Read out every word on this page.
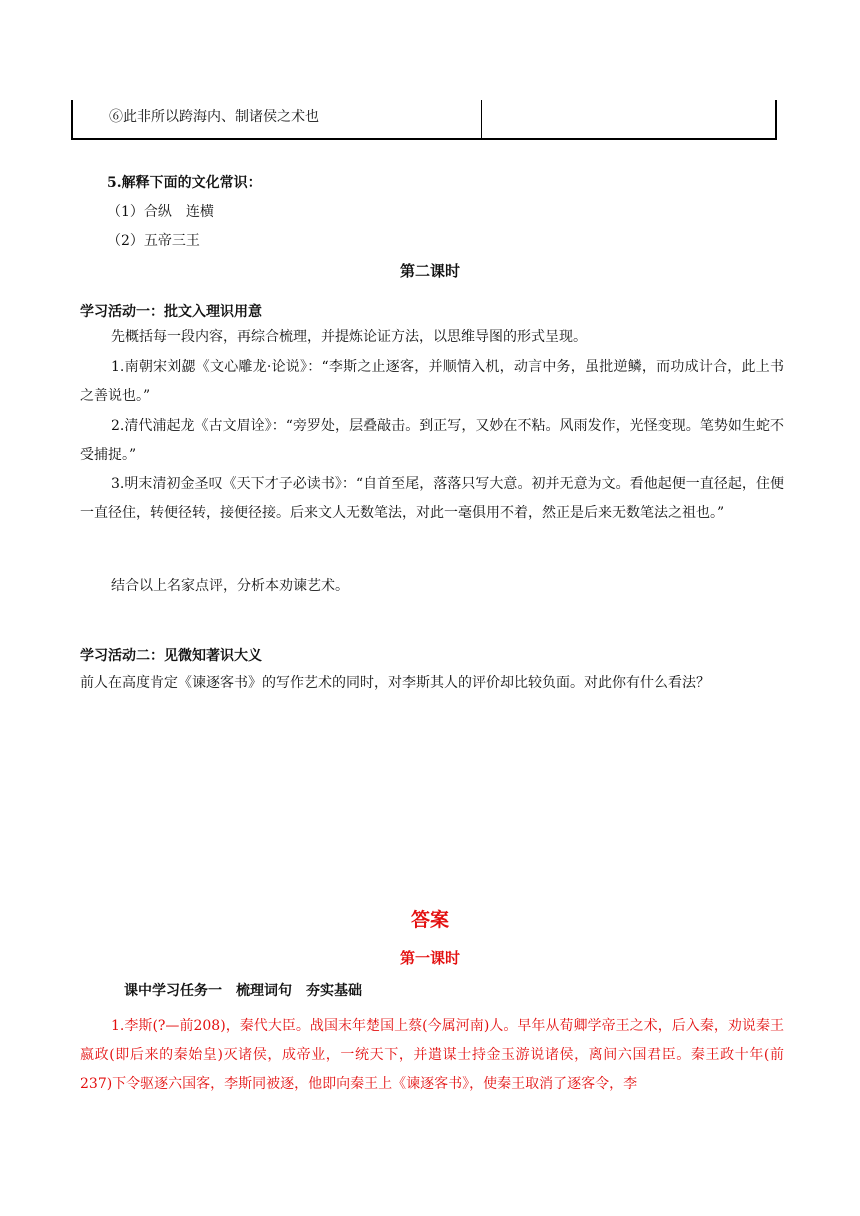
⑥此非所以跨海内、制诸侯之术也
5.解释下面的文化常识：
（1）合纵　连横
（2）五帝三王
第二课时
学习活动一：批文入理识用意
先概括每一段内容，再综合梳理，并提炼论证方法，以思维导图的形式呈现。
1.南朝宋刘勰《文心雕龙·论说》：“李斯之止逐客，并顺情入机，动言中务，虽批逆鳞，而功成计合，此上书之善说也。”
2.清代浦起龙《古文眉诠》：“旁罗处，层叠敲击。到正写，又妙在不粘。风雨发作，光怪变现。笔势如生蛇不受捕捉。”
3.明末清初金圣叹《天下才子必读书》：“自首至尾，落落只写大意。初并无意为文。看他起便一直径起，住便一直径住，转便径转，接便径接。后来文人无数笔法，对此一毫俱用不着，然正是后来无数笔法之祖也。”
结合以上名家点评，分析本劝谏艺术。
学习活动二：见微知著识大义
前人在高度肯定《谏逐客书》的写作艺术的同时，对李斯其人的评价却比较负面。对此你有什么看法？
答案
第一课时
课中学习任务一　梳理词句　夯实基础
1.李斯(?—前208)，秦代大臣。战国末年楚国上蔡(今属河南)人。早年从荀卿学帝王之术，后入秦，劝说秦王嬴政(即后来的秦始皇)灭诸侯，成帝业，一统天下，并遣谋士持金玉游说诸侯，离间六国君臣。秦王政十年(前237)下令驱逐六国客，李斯同被逐，他即向秦王上《谏逐客书》，使秦王取消了逐客令，李
